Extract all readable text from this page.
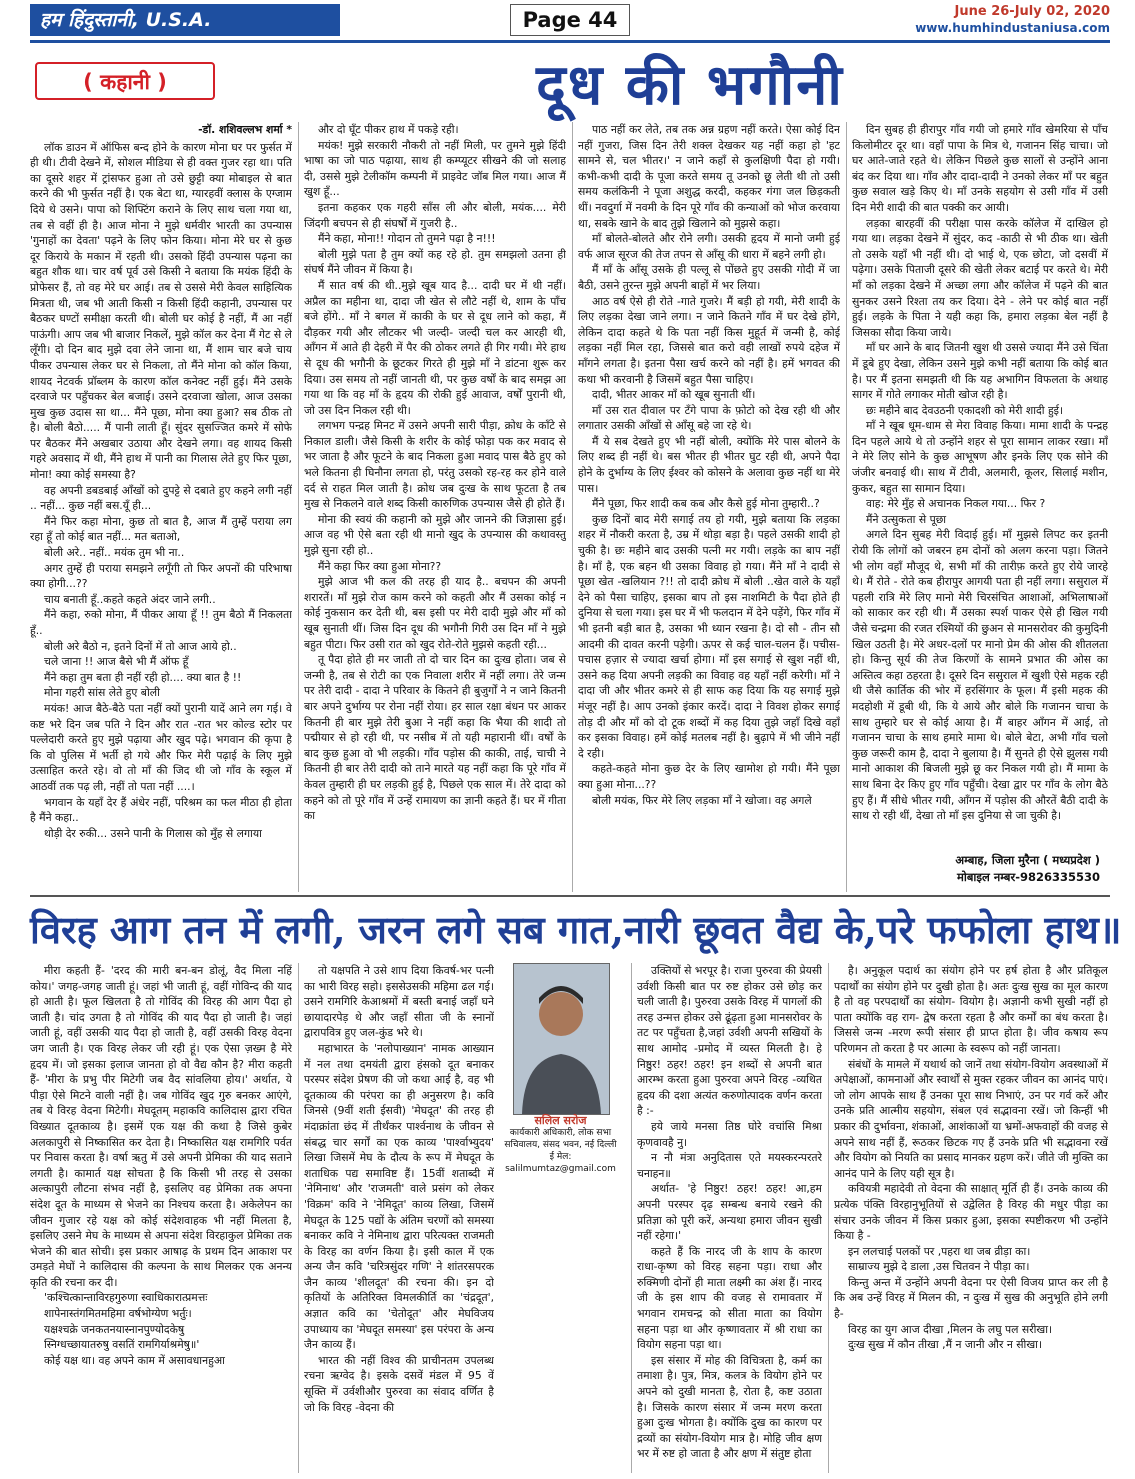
हम हिंदुस्तानी, U.S.A.	Page 44	June 26-July 02, 2020
www.humhindustaniusa.com
( कहानी )	दूध की भगौनी
-डॉ. शशिवल्लभ शर्मा *

लॉक डाउन में ऑफिस बन्द होने के कारण मोना घर पर फुर्सत में ही थी। टीवी देखने में, सोशल मीडिया से ही वक्त गुजर रहा था। पति का दूसरे शहर में ट्रांसफर हुआ तो उसे छुट्टी क्या मोबाइल से बात करने की भी फुर्सत नहीं है। एक बेटा था, ग्यारहवीं क्लास के एग्जाम दिये थे उसने। पापा को शिफ्टिंग कराने के लिए साथ चला गया था, तब से वहीं ही है। आज मोना ने मुझे धर्मवीर भारती का उपन्यास 'गुनाहों का देवता' पढ़ने के लिए फोन किया। मोना मेरे घर से कुछ दूर किराये के मकान में रहती थी। उसको हिंदी उपन्यास पढ़ना का बहुत शौक था। चार वर्ष पूर्व उसे किसी ने बताया कि मयंक हिंदी के प्रोफेसर हैं, तो वह मेरे घर आई। तब से उससे मेरी केवल साहित्यिक मित्रता थी, जब भी आती किसी न किसी हिंदी कहानी, उपन्यास पर बैठकर घण्टों समीक्षा करती थी। बोली घर कोई है नहीं, मैं आ नहीं पाऊंगी। आप जब भी बाजार निकलें, मुझे कॉल कर देना मैं गेट से ले लूँगी। दो दिन बाद मुझे दवा लेने जाना था, मैं शाम चार बजे चाय पीकर उपन्यास लेकर घर से निकला, तो मैंने मोना को कॉल किया, शायद नेटवर्क प्रॉब्लम के कारण कॉल कनेक्ट नहीं हुई। मैंने उसके दरवाजे पर पहुँचकर बेल बजाई। उसने दरवाजा खोला, आज उसका मुख कुछ उदास सा था... मैंने पूछा, मोना क्या हुआ? सब ठीक तो है। बोली बैठो..... मैं पानी लाती हूँ। सुंदर सुसज्जित कमरे में सोफे पर बैठकर मैंने अखबार उठाया और देखने लगा। वह शायद किसी गहरे अवसाद में थी, मैंने हाथ में पानी का गिलास लेते हुए फिर पूछा, मोना! क्या कोई समस्या है?

वह अपनी डबडबाई आँखों को दुपट्टे से दबाते हुए कहने लगी नहीं .. नहीं... कुछ नहीं बस.यूँ ही...

मैंने फिर कहा मोना, कुछ तो बात है, आज मैं तुम्हें पराया लग रहा हूँ तो कोई बात नहीं... मत बताओ,

बोली अरे.. नहीं.. मयंक तुम भी ना..

अगर तुम्हें ही पराया समझने लगूँगी तो फिर अपनों की परिभाषा क्या होगी...??

चाय बनाती हूँ..कहते कहते अंदर जाने लगी..

मैंने कहा, रुको मोना, मैं पीकर आया हूँ !! तुम बैठो मैं निकलता हूँ..

बोली अरे बैठो न, इतने दिनों में तो आज आये हो..

चले जाना !! आज बैसे भी मैं ऑफ हूँ

मैंने कहा तुम बता ही नहीं रही हो.... क्या बात है !!

मोना गहरी सांस लेते हुए बोली

मयंक! आज बैठे-बैठे पता नहीं क्यों पुरानी यादें आने लग गई। वे कष्ट भरे दिन जब पति ने दिन और रात -रात भर कोल्ड स्टोर पर पल्लेदारी करते हुए मुझे पढ़ाया और खुद पढ़े। भगवान की कृपा है कि वो पुलिस में भर्ती हो गये और फिर मेरी पढ़ाई के लिए मुझे उत्साहित करते रहे। वो तो माँ की जिद थी जो गाँव के स्कूल में आठवीं तक पढ़ ली, नहीं तो पता नहीं ....।

भगवान के यहाँ देर हैं अंधेर नहीं, परिश्रम का फल मीठा ही होता है मैंने कहा..

थोड़ी देर रुकी... उसने पानी के गिलास को मुँह से लगाया

और दो घूँट पीकर हाथ में पकड़े रही।

मयंक! मुझे सरकारी नौकरी तो नहीं मिली, पर तुमने मुझे हिंदी भाषा का जो पाठ पढ़ाया, साथ ही कम्प्यूटर सीखने की जो सलाह दी, उससे मुझे टेलीकॉम कम्पनी में प्राइवेट जॉब मिल गया। आज मैं खुश हूँ...

इतना कहकर एक गहरी साँस ली और बोली, मयंक.... मेरी जिंदगी बचपन से ही संघर्षों में गुजरी है..

मैंने कहा, मोना!! गोदान तो तुमने पढ़ा है न!!!

बोली मुझे पता है तुम क्यों कह रहे हो. तुम समझलो उतना ही संघर्ष मैंने जीवन में किया है।

मैं सात वर्ष की थी..मुझे खूब याद है... दादी घर में थी नहीं। अप्रैल का महीना था, दादा जी खेत से लौटे नहीं थे, शाम के पाँच बजे होंगे.. माँ ने बगल में काकी के घर से दूध लाने को कहा, मैं दौड़कर गयी और लौटकर भी जल्दी- जल्दी चल कर आरही थी, आँगन में आते ही देहरी में पैर की ठोकर लगते ही गिर गयी। मेरे हाथ से दूध की भगौनी के छूटकर गिरते ही मुझे माँ ने डांटना शुरू कर दिया। उस समय तो नहीं जानती थी, पर कुछ वर्षों के बाद समझ आ गया था कि वह माँ के हृदय की रोकी हुई आवाज, वर्षों पुरानी थी, जो उस दिन निकल रही थी।

लगभग पन्द्रह मिनट में उसने अपनी सारी पीड़ा, क्रोध के काँटे से निकाल डाली। जैसे किसी के शरीर के कोई फोड़ा पक कर मवाद से भर जाता है और फूटने के बाद निकला हुआ मवाद पास बैठे हुए को भले कितना ही घिनौना लगता हो, परंतु उसको रह-रह कर होने वाले दर्द से राहत मिल जाती है। क्रोध जब दुःख के साथ फूटता है तब मुख से निकलने वाले शब्द किसी कारुणिक उपन्यास जैसे ही होते हैं।

मोना की स्वयं की कहानी को मुझे और जानने की जिज्ञासा हुई। आज वह भी ऐसे बता रही थी मानो खुद के उपन्यास की कथावस्तु मुझे सुना रही हो..

मैंने कहा फिर क्या हुआ मोना??

मुझे आज भी कल की तरह ही याद है.. बचपन की अपनी शरारतें। माँ मुझे रोज काम करने को कहती और मैं उसका कोई न कोई नुकसान कर देती थी, बस इसी पर मेरी दादी मुझे और माँ को खूब सुनाती थीं। जिस दिन दूध की भगौनी गिरी उस दिन माँ ने मुझे बहुत पीटा। फिर उसी रात को खुद रोते-रोते मुझसे कहती रही...

तू पैदा होते ही मर जाती तो दो चार दिन का दुःख होता। जब से जन्मी है, तब से रोटी का एक निवाला शरीर में नहीं लगा। तेरे जन्म पर तेरी दादी - दादा ने परिवार के कितने ही बुजुर्गों ने न जाने कितनी बार अपने दुर्भाग्य पर रोना नहीं रोया। हर साल रक्षा बंधन पर आकर कितनी ही बार मुझे तेरी बुआ ने नहीं कहा कि भैया की शादी तो पद्मीयार से हो रही थी, पर नसीब में तो यही महारानी थीं। वर्षों के बाद कुछ हुआ वो भी लड़की। गाँव पड़ोस की काकी, ताई, चाची ने कितनी ही बार तेरी दादी को ताने मारते यह नहीं कहा कि पूरे गाँव में केवल तुम्हारी ही घर लड़की हुई है, पिछले एक साल में। तेरे दादा को कहने को तो पूरे गाँव में उन्हें रामायण का ज्ञानी कहते हैं। घर में गीता का

पाठ नहीं कर लेते, तब तक अन्न ग्रहण नहीं करते। ऐसा कोई दिन नहीं गुजरा, जिस दिन तेरी शक्ल देखकर यह नहीं कहा हो 'हट सामने से, चल भीतर।' न जाने कहाँ से कुलक्षिणी पैदा हो गयी। कभी-कभी दादी के पूजा करते समय तू उनको छू लेती थी तो उसी समय कलंकिनी ने पूजा अशुद्ध करदी, कहकर गंगा जल छिड़कती थीं। नवदुर्गा में नवमी के दिन पूरे गाँव की कन्याओं को भोज करवाया था, सबके खाने के बाद तुझे खिलाने को मुझसे कहा।

माँ बोलते-बोलते और रोने लगी। उसकी हृदय में मानो जमी हुई वर्फ आज सूरज की तेज तपन से आँसू की धारा में बहने लगी हो।

मैं माँ के आँसू उसके ही पल्लू से पोंछते हुए उसकी गोदी में जा बैठी, उसने तुरन्त मुझे अपनी बाहों में भर लिया।

आठ वर्ष ऐसे ही रोते -गाते गुजरे। मैं बड़ी हो गयी, मेरी शादी के लिए लड़का देखा जाने लगा। न जाने कितने गाँव में घर देखे होंगे, लेकिन दादा कहते थे कि पता नहीं किस मुहूर्त में जन्मी है, कोई लड़का नहीं मिल रहा, जिससे बात करो वही लाखों रुपये दहेज में माँगने लगता है। इतना पैसा खर्च करने को नहीं है। हमें भगवत की कथा भी करवानी है जिसमें बहुत पैसा चाहिए।

दादी, भीतर आकर माँ को खूब सुनाती थीं।

माँ उस रात दीवाल पर टँगे पापा के फ़ोटो को देख रही थी और लगातार उसकी आँखों से आँसू बहे जा रहे थे।

मैं ये सब देखते हुए भी नहीं बोली, क्योंकि मेरे पास बोलने के लिए शब्द ही नहीं थे। बस भीतर ही भीतर घुट रही थी, अपने पैदा होने के दुर्भाग्य के लिए ईश्वर को कोसने के अलावा कुछ नहीं था मेरे पास।

मैंने पूछा, फिर शादी कब कब और कैसे हुई मोना तुम्हारी..?

कुछ दिनों बाद मेरी सगाई तय हो गयी, मुझे बताया कि लड़का शहर में नौकरी करता है, उम्र में थोड़ा बड़ा है। पहले उसकी शादी हो चुकी है। छः महीने बाद उसकी पत्नी मर गयी। लड़के का बाप नहीं है। माँ है, एक बहन थी उसका विवाह हो गया। मैंने माँ ने दादी से पूछा खेत -खलियान ?!! तो दादी क्रोध में बोली ..खेत वाले के यहाँ देने को पैसा चाहिए, इसका बाप तो इस नाशमिटी के पैदा होते ही दुनिया से चला गया। इस घर में भी फलदान में देने पड़ेंगे, फिर गाँव में भी इतनी बड़ी बात है, उसका भी ध्यान रखना है। दो सौ - तीन सौ आदमी की दावत करनी पड़ेगी। ऊपर से कई चाल-चलन हैं। पचीस-पचास हज़ार से ज्यादा खर्चा होगा। माँ इस सगाई से खुश नहीं थी, उसने कह दिया अपनी लड़की का विवाह वह यहाँ नहीं करेगी। माँ ने दादा जी और भीतर कमरे से ही साफ कह दिया कि यह सगाई मुझे मंजूर नहीं है। आप उनको इंकार करदें। दादा ने विवश होकर सगाई तोड़ दी और माँ को दो टूक शब्दों में कह दिया तुझे जहाँ दिखे वहाँ कर इसका विवाह। हमें कोई मतलब नहीं है। बुढ़ापे में भी जीने नहीं दे रही।

कहते-कहते मोना कुछ देर के लिए खामोश हो गयी। मैंने पूछा क्या हुआ मोना...??

बोली मयंक, फिर मेरे लिए लड़का माँ ने खोजा। वह अगले

दिन सुबह ही हीरापुर गाँव गयी जो हमारे गाँव खेमरिया से पाँच किलोमीटर दूर था। वहाँ पापा के मित्र थे, गजानन सिंह चाचा। जो घर आते-जाते रहते थे। लेकिन पिछले कुछ सालों से उन्होंने आना बंद कर दिया था। गाँव और दादा-दादी ने उनको लेकर माँ पर बहुत कुछ सवाल खड़े किए थे। माँ उनके सहयोग से उसी गाँव में उसी दिन मेरी शादी की बात पक्की कर आयी।

लड़का बारहवीं की परीक्षा पास करके कॉलेज में दाखिल हो गया था। लड़का देखने में सुंदर, कद -काठी से भी ठीक था। खेती तो उसके यहाँ भी नहीं थी। दो भाई थे, एक छोटा, जो दसवीं में पढ़ेगा। उसके पिताजी दूसरे की खेती लेकर बटाई पर करते थे। मेरी माँ को लड़का देखने में अच्छा लगा और कॉलेज में पढ़ने की बात सुनकर उसने रिश्ता तय कर दिया। देने - लेने पर कोई बात नहीं हुई। लड़के के पिता ने यही कहा कि, हमारा लड़का बेल नहीं है जिसका सौदा किया जाये।

माँ घर आने के बाद जितनी खुश थी उससे ज्यादा मैंने उसे चिंता में डूबे हुए देखा, लेकिन उसने मुझे कभी नहीं बताया कि कोई बात है। पर मैं इतना समझती थी कि यह अभागिन विफलता के अथाह सागर में गोते लगाकर मोती खोज रही है।

छः महीने बाद देवउठनी एकादशी को मेरी शादी हुई।

माँ ने खूब धूम-धाम से मेरा विवाह किया। मामा शादी के पन्द्रह दिन पहले आये थे तो उन्होंने शहर से पूरा सामान लाकर रखा। माँ ने मेरे लिए सोने के कुछ आभूषण और इनके लिए एक सोने की जंजीर बनवाई थी। साथ में टीवी, अलमारी, कूलर, सिलाई मशीन, कुकर, बहुत सा सामान दिया।

वाह: मेरे मुँह से अचानक निकल गया... फिर ?

मैंने उत्सुकता से पूछा

अगले दिन सुबह मेरी विदाई हुई। माँ मुझसे लिपट कर इतनी रोयी कि लोगों को जबरन हम दोनों को अलग करना पड़ा। जितने भी लोग वहाँ मौजूद थे, सभी माँ की तारीफ़ करते हुए रोये जारहे थे। मैं रोते - रोते कब हीरापुर आगयी पता ही नहीं लगा। ससुराल में पहली रात्रि मेरे लिए मानो मेरी चिरसंचित आशाओं, अभिलाषाओं को साकार कर रही थी। मैं उसका स्पर्श पाकर ऐसे ही खिल गयी जैसे चन्द्रमा की रजत रश्मियों की छुअन से मानसरोवर की कुमुदिनी खिल उठती है। मेरे अधर-दलों पर मानो प्रेम की ओस की शीतलता हो। किन्तु सूर्य की तेज किरणों के सामने प्रभात की ओस का अस्तित्व कहा ठहरता है। दूसरे दिन ससुराल में खुशी ऐसे महक रही थी जैसे कार्तिक की भोर में हरसिंगार के फूल। मैं इसी महक की मदहोशी में डूबी थी, कि ये आये और बोले कि गजानन चाचा के साथ तुम्हारे घर से कोई आया है। मैं बाहर आँगन में आई, तो गजानन चाचा के साथ हमारे मामा थे। बोले बेटा, अभी गाँव चलो कुछ जरूरी काम है, दादा ने बुलाया है। मैं सुनते ही ऐसे झुलस गयी मानो आकाश की बिजली मुझे छू कर निकल गयी हो। मैं मामा के साथ बिना देर किए हुए गाँव पहुँची। देखा द्वार पर गाँव के लोग बैठे हुए हैं। मैं सीधे भीतर गयी, आँगन में पड़ोस की औरतें बैठी दादी के साथ रो रही थीं, देखा तो माँ इस दुनिया से जा चुकी है।

अम्बाह, जिला मुरैना ( मध्यप्रदेश )
मोबाइल नम्बर-9826335530
विरह आग तन में लगी, जरन लगे सब गात,नारी छूवत वैद्य के,परे फफोला हाथ॥

मीरा कहती हैं- 'दरद की मारी बन-बन डोलूं, वैद मिला नहिं कोय।' जगह-जगह जाती हूं। जहां भी जाती हूं, वहीं गोविन्द की याद हो आती है। फूल खिलता है तो गोविंद की विरह की आग पैदा हो जाती है। चांद उगता है तो गोविंद की याद पैदा हो जाती है। जहां जाती हूं, वहीं उसकी याद पैदा हो जाती है, वहीं उसकी विरह वेदना जग जाती है। एक विरह लेकर जी रही हूं। एक ऐसा ज़ख्म है मेरे हृदय में। जो इसका इलाज जानता हो वो वैद्य कौन है? मीरा कहती हैं- 'मीरा के प्रभु पीर मिटेगी जब वैद सांवलिया होय।' अर्थात, ये पीड़ा ऐसे मिटने वाली नहीं है। जब गोविंद खुद गुरु बनकर आएंगे, तब ये विरह वेदना मिटेगी। मेघदूतम् महाकवि कालिदास द्वारा रचित विख्यात दूतकाव्य है। इसमें एक यक्ष की कथा है जिसे कुबेर अलकापुरी से निष्कासित कर देता है। निष्कासित यक्ष रामगिरि पर्वत पर निवास करता है। वर्षा ऋतु में उसे अपनी प्रेमिका की याद सताने लगती है। कामार्त यक्ष सोचता है कि किसी भी तरह से उसका अल्कापुरी लौटना संभव नहीं है, इसलिए वह प्रेमिका तक अपना संदेश दूत के माध्यम से भेजने का निश्चय करता है। अकेलेपन का जीवन गुजार रहे यक्ष को कोई संदेशवाहक भी नहीं मिलता है, इसलिए उसने मेघ के माध्यम से अपना संदेश विरहाकुल प्रेमिका तक भेजने की बात सोची। इस प्रकार आषाढ़ के प्रथम दिन आकाश पर उमड़ते मेघों ने कालिदास की कल्पना के साथ मिलकर एक अनन्य कृति की रचना कर दी।

'कश्चित्कान्ताविरहगुरुणा स्वाधिकारात्प्रमत्तः

शापेनास्तंगमितमहिमा वर्षभोग्येण भर्तुः।

यक्षश्चक्रे जनकतनयास्नानपुण्योदकेषु

स्निग्धच्छायातरुषु वसतिं रामगिर्याश्रमेषु॥'

कोई यक्ष था। वह अपने काम में असावधानहुआ

तो यक्षपति ने उसे शाप दिया किवर्ष-भर पत्नी का भारी विरह सहो। इससेउसकी महिमा ढल गई। उसने रामगिरि केआश्रमों में बस्ती बनाई जहाँ घने छायादारपेड़ थे और जहाँ सीता जी के स्नानों द्वारापवित्र हुए जल-कुंड भरे थे।

महाभारत के 'नलोपाख्यान' नामक आख्यान में नल तथा दमयंती द्वारा हंसको दूत बनाकर परस्पर संदेश प्रेषण की जो कथा आई है, वह भी दूतकाव्य की परंपरा का ही अनुसरण है। कवि जिनसे (9वीं शती ईसवी) 'मेघदूत' की तरह ही मंदाक्रांता छंद में तीर्थंकर पार्श्वनाथ के जीवन से संबद्ध चार सर्गों का एक काव्य 'पार्श्वाभ्युदय' लिखा जिसमें मेघ के दौत्य के रूप में मेघदूत के शताधिक पद्य समाविष्ट हैं। 15वीं शताब्दी में 'नेमिनाथ' और 'राजमती' वाले प्रसंग को लेकर 'विक्रम' कवि ने 'नेमिदूत' काव्य लिखा, जिसमें मेघदूत के 125 पद्यों के अंतिम चरणों को समस्या बनाकर कवि ने नेमिनाथ द्वारा परित्यक्त राजमती के विरह का वर्णन किया है। इसी काल में एक अन्य जैन कवि 'चरित्रसुंदर गणि' ने शांतरसपरक जैन काव्य 'शीलदूत' की रचना की। इन दो कृतियों के अतिरिक्त विमलकीर्ति का 'चंद्रदूत', अज्ञात कवि का 'चेतोदूत' और मेघविजय उपाध्याय का 'मेघदूत समस्या' इस परंपरा के अन्य जैन काव्य हैं।

भारत की नहीं विश्व की प्राचीनतम उपलब्ध रचना ऋग्वेद है। इसके दसवें मंडल में 95 वें सूक्ति में उर्वशीऔर पुरुरवा का संवाद वर्णित है जो कि विरह -वेदना की

सलिल सरोज
कार्यकारी अधिकारी, लोक सभा
सचिवालय, संसद भवन, नई दिल्ली
ई मेल: salilmumtaz@gmail.com

उक्तियों से भरपूर है। राजा पुरुरवा की प्रेयसी उर्वशी किसी बात पर रुष्ट होकर उसे छोड़ कर चली जाती है। पुरुरवा उसके विरह में पागलों की तरह उन्मत्त होकर उसे ढूंढ़ता हुआ मानसरोवर के तट पर पहुँचता है,जहां उर्वशी अपनी सखियों के साथ आमोद -प्रमोद में व्यस्त मिलती है। हे निष्ठुर! ठहर! ठहर! इन शब्दों से अपनी बात आरम्भ करता हुआ पुरुरवा अपने विरह -व्यथित हृदय की दशा अत्यंत करुणोत्पादक वर्णन करता है :-

हये जाये मनसा तिष्ठ घोरे वचांसि मिश्रा कृणवावहै नु।

न नौ मंत्रा अनुदितास एते मयस्करन्परतरे चनाहन॥

अर्थात- 'हे निष्ठुर! ठहर! ठहर! आ,हम अपनी परस्पर दृढ़ सम्बन्ध बनाये रखने की प्रतिज्ञा को पूरी करें, अन्यथा हमारा जीवन सुखी नहीं रहेगा।'

कहते हैं कि नारद जी के शाप के कारण राधा-कृष्ण को विरह सहना पड़ा। राधा और रुक्मिणी दोनों ही माता लक्ष्मी का अंश हैं। नारद जी के इस शाप की वजह से रामावतार में भगवान रामचन्द्र को सीता माता का वियोग सहना पड़ा था और कृष्णावतार में श्री राधा का वियोग सहना पड़ा था।

इस संसार में मोह की विचित्रता है, कर्म का तमाशा है। पुत्र, मित्र, कलत्र के वियोग होने पर अपने को दुखी मानता है, रोता है, कष्ट उठाता है। जिसके कारण संसार में जन्म मरण करता हुआ दुःख भोगता है। क्योंकि दुख का कारण पर द्रव्यों का संयोग-वियोग मात्र है। मोहि जीव क्षण भर में रुष्ट हो जाता है और क्षण में संतुष्ट होता

है। अनुकूल पदार्थ का संयोग होने पर हर्ष होता है और प्रतिकूल पदार्थों का संयोग होने पर दुखी होता है। अतः दुःख सुख का मूल कारण है तो वह परपदार्थों का संयोग- वियोग है। अज्ञानी कभी सुखी नहीं हो पाता क्योंकि वह राग- द्वेष करता रहता है और कर्मों का बंध करता है। जिससे जन्म -मरण रूपी संसार ही प्राप्त होता है। जीव कषाय रूप परिणमन तो करता है पर आत्मा के स्वरूप को नहीं जानता।

संबंधों के मामले में यथार्थ को जानें तथा संयोग-वियोग अवस्थाओं में अपेक्षाओं, कामनाओं और स्वार्थों से मुक्त रहकर जीवन का आनंद पाएं। जो लोग आपके साथ हैं उनका पूरा साथ निभाएं, उन पर गर्व करें और उनके प्रति आत्मीय सहयोग, संबल एवं सद्भावना रखें। जो किन्हीं भी प्रकार की दुर्भावना, शंकाओं, आशंकाओं या भ्रमों-अफवाहों की वजह से अपने साथ नहीं हैं, रूठकर छिटक गए हैं उनके प्रति भी सद्भावना रखें और वियोग को नियति का प्रसाद मानकर ग्रहण करें। जीते जी मुक्ति का आनंद पाने के लिए यही सूत्र है।

कवियत्री महादेवी तो वेदना की साक्षात् मूर्ति ही हैं। उनके काव्य की प्रत्येक पंक्ति विरहानुभूतियों से उद्वेलित है विरह की मधुर पीड़ा का संचार उनके जीवन में किस प्रकार हुआ, इसका स्पष्टीकरण भी उन्होंने किया है -

इन ललचाई पलकों पर ,पहरा था जब व्रीड़ा का।

साम्राज्य मुझे दे डाला ,उस चितवन ने पीड़ा का।

किन्तु अन्त में उन्होंने अपनी वेदना पर ऐसी विजय प्राप्त कर ली है कि अब उन्हें विरह में मिलन की, न दुःख में सुख की अनुभूति होने लगी है-

विरह का युग आज दीखा ,मिलन के लघु पल सरीखा।

दुःख सुख में कौन तीखा ,मैं न जानी और न सीखा।
